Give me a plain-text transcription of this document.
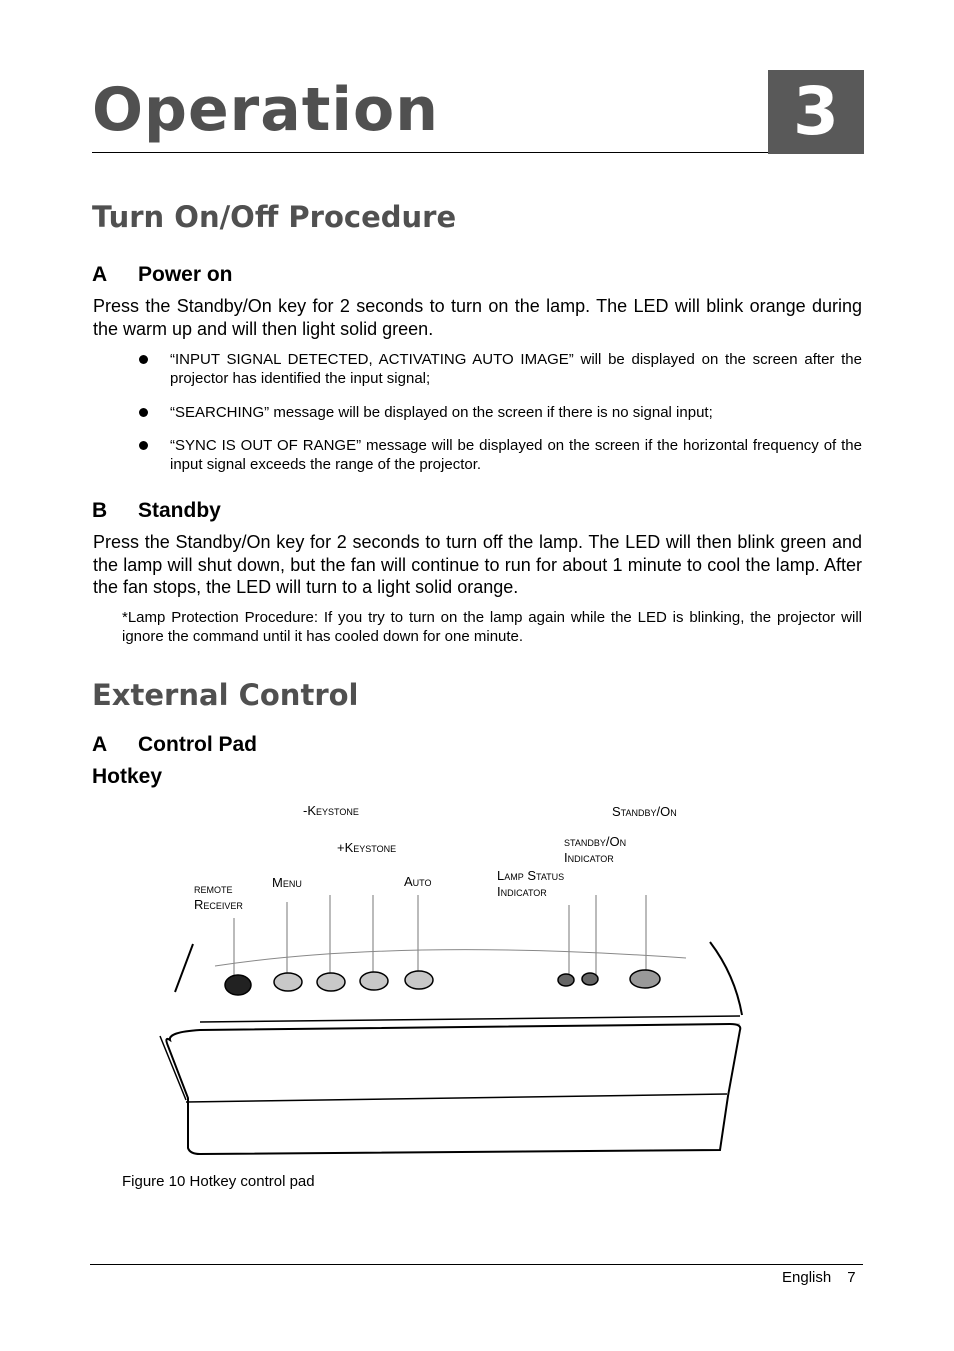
Operation	3
Turn On/Off Procedure
A Power on
Press the Standby/On key for 2 seconds to turn on the lamp. The LED will blink orange during the warm up and will then light solid green.
“INPUT SIGNAL DETECTED, ACTIVATING AUTO IMAGE” will be displayed on the screen after the projector has identified the input signal;
“SEARCHING” message will be displayed on the screen if there is no signal input;
“SYNC IS OUT OF RANGE” message will be displayed on the screen if the horizontal frequency of the input signal exceeds the range of the projector.
B Standby
Press the Standby/On key for 2 seconds to turn off the lamp. The LED will then blink green and the lamp will shut down, but the fan will continue to run for about 1 minute to cool the lamp. After the fan stops, the LED will turn to a light solid orange.
*Lamp Protection Procedure: If you try to turn on the lamp again while the LED is blinking, the projector will ignore the command until it has cooled down for one minute.
External Control
A Control Pad
Hotkey
-Keystone
+Keystone
Menu	Auto
remote
Receiver
Lamp Status
Indicator
standby/On
Indicator
Standby/On
Figure 10 Hotkey control pad
English 7
